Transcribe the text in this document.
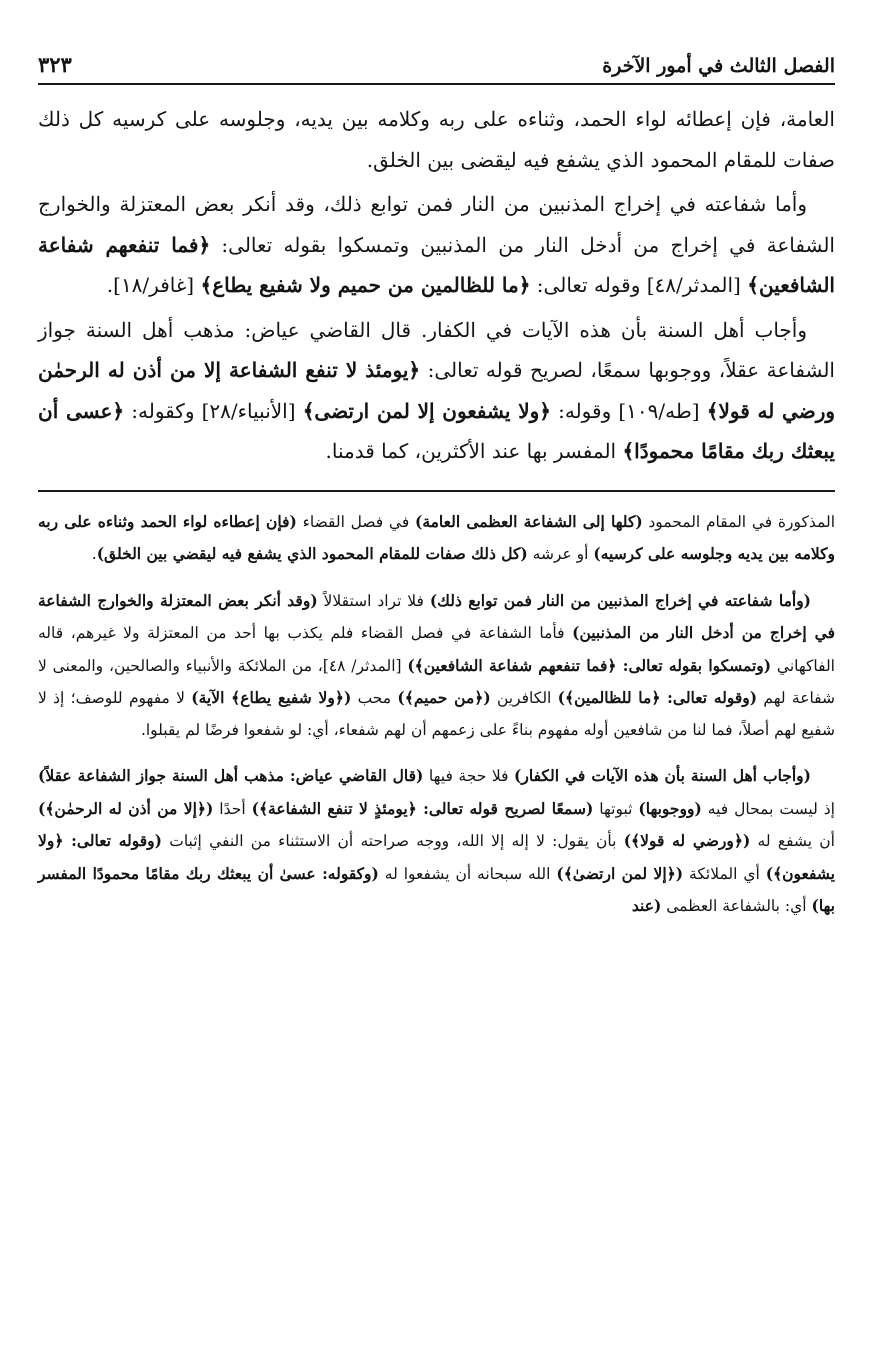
الفصل الثالث في أمور الآخرة
٣٢٣

العامة، فإن إعطائه لواء الحمد، وثناءه على ربه وكلامه بين يديه، وجلوسه على كرسيه كل ذلك صفات للمقام المحمود الذي يشفع فيه ليقضى بين الخلق.

وأما شفاعته في إخراج المذنبين من النار فمن توابع ذلك، وقد أنكر بعض المعتزلة والخوارج الشفاعة في إخراج من أدخل النار من المذنبين وتمسكوا بقوله تعالى: ﴿فما تنفعهم شفاعة الشافعين﴾ [المدثر/٤٨] وقوله تعالى: ﴿ما للظالمين من حميم ولا شفيع يطاع﴾ [غافر/١٨].

وأجاب أهل السنة بأن هذه الآيات في الكفار. قال القاضي عياض: مذهب أهل السنة جواز الشفاعة عقلاً، ووجوبها سمعًا، لصريح قوله تعالى: ﴿يومئذ لا تنفع الشفاعة إلا من أذن له الرحمٰن ورضي له قولا﴾ [طه/١٠٩] وقوله: ﴿ولا يشفعون إلا لمن ارتضى﴾ [الأنبياء/٢٨] وكقوله: ﴿عسى أن يبعثك ربك مقامًا محمودًا﴾ المفسر بها عند الأكثرين، كما قدمنا.

المذكورة في المقام المحمود (كلها إلى الشفاعة العظمى العامة) في فصل القضاء (فإن إعطاءه لواء الحمد وثناءه على ربه وكلامه بين يديه وجلوسه على كرسيه) أو عرشه (كل ذلك صفات للمقام المحمود الذي يشفع فيه ليقضي بين الخلق).

(وأما شفاعته في إخراج المذنبين من النار فمن توابع ذلك) فلا تراد استقلالاً (وقد أنكر بعض المعتزلة والخوارج الشفاعة في إخراج من أدخل النار من المذنبين) فأما الشفاعة في فصل القضاء فلم يكذب بها أحد من المعتزلة ولا غيرهم، قاله الفاكهاني (وتمسكوا بقوله تعالى: ﴿فما تنفعهم شفاعة الشافعين﴾) [المدثر/ ٤٨]، من الملائكة والأنبياء والصالحين، والمعنى لا شفاعة لهم (وقوله تعالى: ﴿ما للظالمين﴾) الكافرين (﴿من حميم﴾) محب (﴿ولا شفيع يطاع﴾ الآية) لا مفهوم للوصف؛ إذ لا شفيع لهم أصلاً، فما لنا من شافعين أوله مفهوم بناءً على زعمهم أن لهم شفعاء، أي: لو شفعوا فرضًا لم يقبلوا.

(وأجاب أهل السنة بأن هذه الآيات في الكفار) فلا حجة فيها (قال القاضي عياض: مذهب أهل السنة جواز الشفاعة عقلاً) إذ ليست بمحال فيه (ووجوبها) ثبوتها (سمعًا لصريح قوله تعالى: ﴿يومئذٍ لا تنفع الشفاعة﴾) أحدًا (﴿إلا من أذن له الرحمٰن﴾) أن يشفع له (﴿ورضي له قولا﴾) بأن يقول: لا إله إلا الله، ووجه صراحته أن الاستثناء من النفي إثبات (وقوله تعالى: ﴿ولا يشفعون﴾) أي الملائكة (﴿إلا لمن ارتضىٰ﴾) الله سبحانه أن يشفعوا له (وكقوله: عسىٰ أن يبعثك ربك مقامًا محمودًا المفسر بها) أي: بالشفاعة العظمى (عند
